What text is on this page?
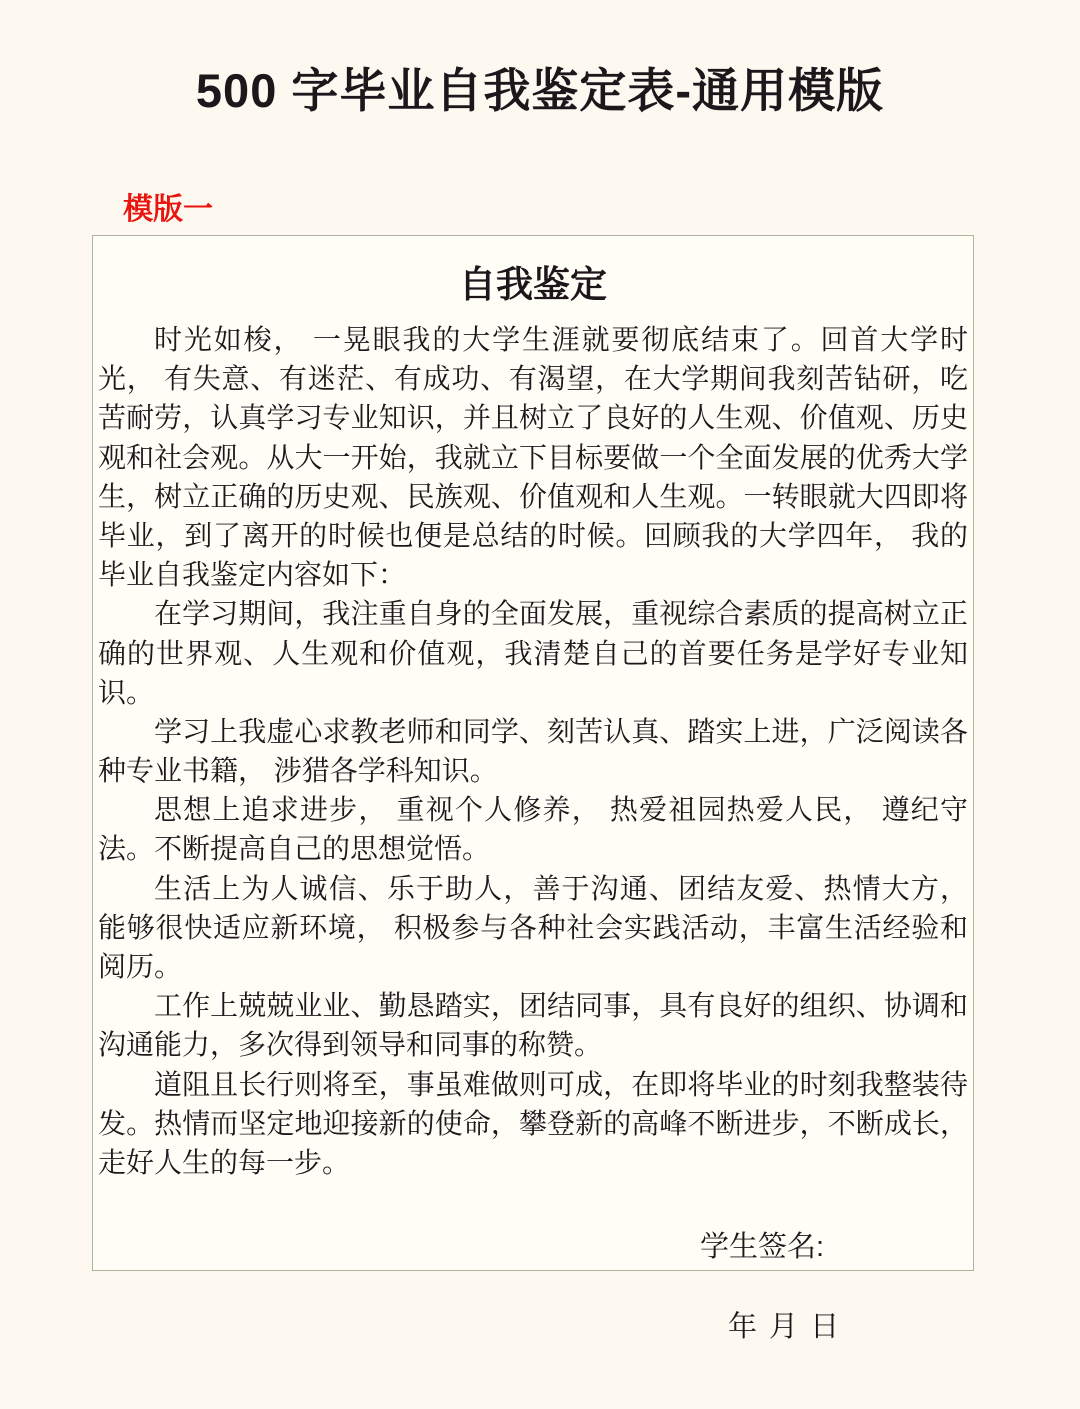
500 字毕业自我鉴定表-通用模版
模版一
自我鉴定

时光如梭， 一晃眼我的大学生涯就要彻底结束了。回首大学时光， 有失意、有迷茫、有成功、有渴望，在大学期间我刻苦钻研，吃苦耐劳，认真学习专业知识，并且树立了良好的人生观、价值观、历史观和社会观。从大一开始，我就立下目标要做一个全面发展的优秀大学生，树立正确的历史观、民族观、价值观和人生观。一转眼就大四即将毕业，到了离开的时候也便是总结的时候。回顾我的大学四年， 我的毕业自我鉴定内容如下：

在学习期间，我注重自身的全面发展，重视综合素质的提高树立正确的世界观、人生观和价值观，我清楚自己的首要任务是学好专业知识。

学习上我虚心求教老师和同学、刻苦认真、踏实上进，广泛阅读各种专业书籍， 涉猎各学科知识。

思想上追求进步， 重视个人修养， 热爱祖园热爱人民， 遵纪守法。不断提高自己的思想觉悟。

生活上为人诚信、乐于助人，善于沟通、团结友爱、热情大方， 能够很快适应新环境， 积极参与各种社会实践活动，丰富生活经验和阅历。

工作上兢兢业业、勤恳踏实，团结同事，具有良好的组织、协调和沟通能力，多次得到领导和同事的称赞。

道阻且长行则将至，事虽难做则可成，在即将毕业的时刻我整装待发。热情而坚定地迎接新的使命，攀登新的高峰不断进步，不断成长，走好人生的每一步。

学生签名:
年 月 日
